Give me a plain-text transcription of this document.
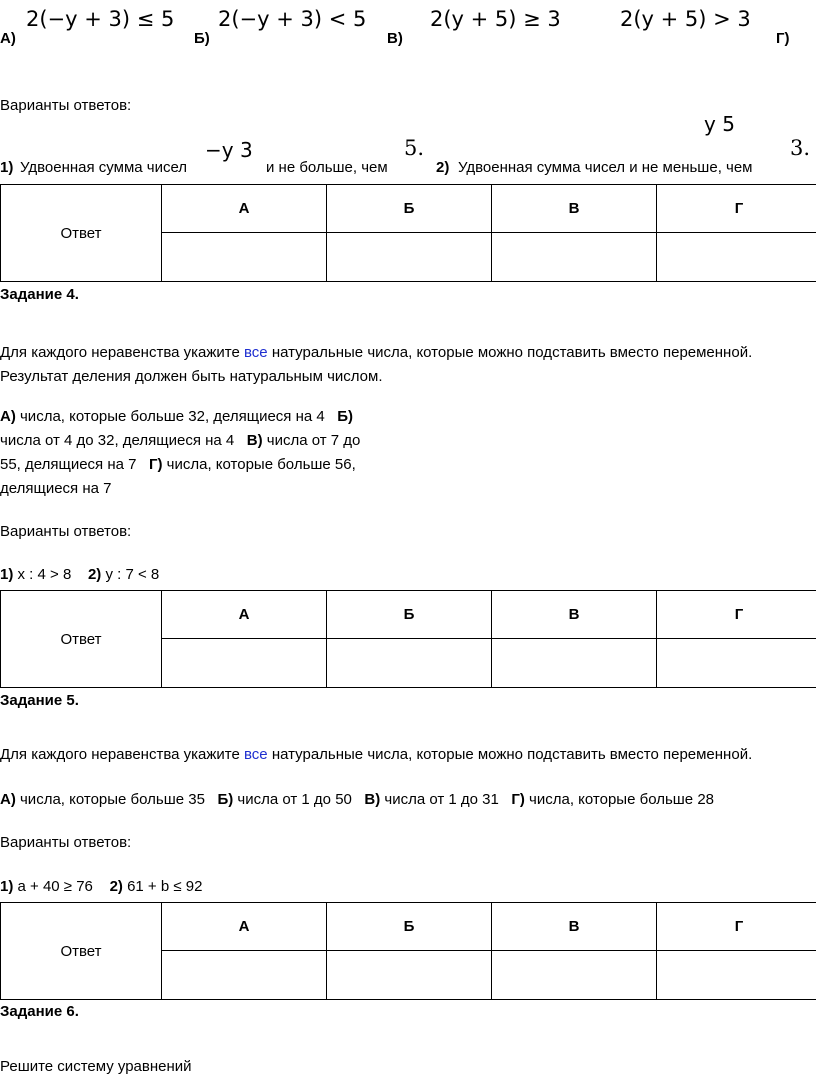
А)
2(−y + 3) ≤ 5
Б)
2(−y + 3) < 5
В)
2(y + 5) ≥ 3	2(y + 5) > 3
Г)
Варианты ответов:
y 5
1) Удвоенная сумма чисел
−y 3
и не больше, чем
5.
2) Удвоенная сумма чисел и не меньше, чем
3.
Ответ	А	Б	В	Г

Задание 4.
Для каждого неравенства укажите все натуральные числа, которые можно подставить вместо переменной.
Результат деления должен быть натуральным числом.
А) числа, которые больше 32, делящиеся на 4 Б)
числа от 4 до 32, делящиеся на 4 В) числа от 7 до
55, делящиеся на 7 Г) числа, которые больше 56,
делящиеся на 7
Варианты ответов:
1) x : 4 > 8 2) y : 7 < 8
Ответ	А	Б	В	Г

Задание 5.
Для каждого неравенства укажите все натуральные числа, которые можно подставить вместо переменной.
А) числа, которые больше 35 Б) числа от 1 до 50 В) числа от 1 до 31 Г) числа, которые больше 28
Варианты ответов:
1) a + 40 ≥ 76 2) 61 + b ≤ 92
Ответ	А	Б	В	Г

Задание 6.
Решите систему уравнений
